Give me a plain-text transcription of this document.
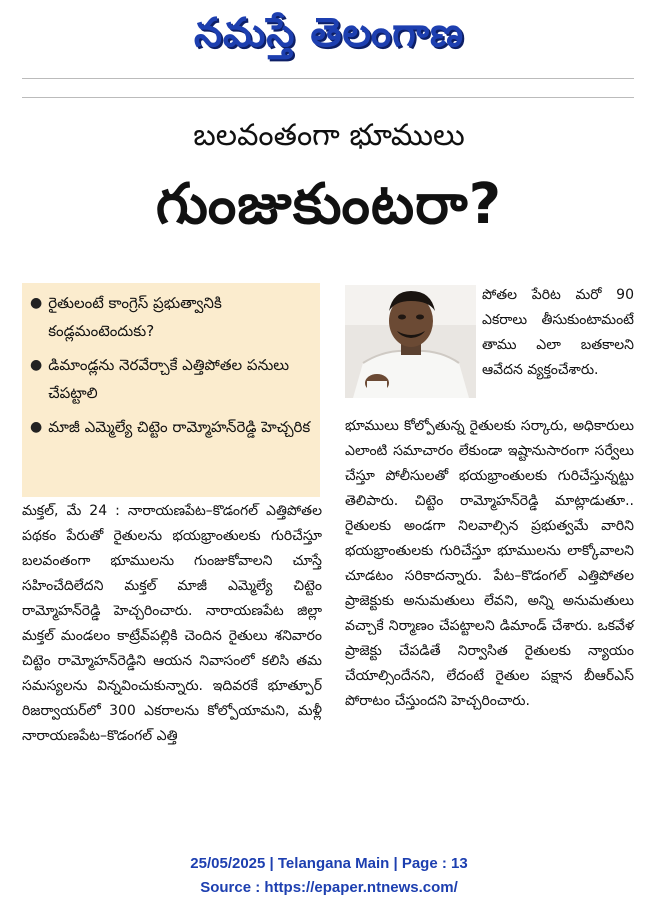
నమస్తే తెలంగాణ
బలవంతంగా భూములు
గుంజుకుంటరా?
● రైతులంటే కాంగ్రెస్ ప్రభుత్వానికి కండ్లమంటెందుకు?
● డిమాండ్లను నెరవేర్చాకే ఎత్తిపోతల పనులు చేపట్టాలి
● మాజీ ఎమ్మెల్యే చిట్టెం రామ్మోహన్‌రెడ్డి హెచ్చరిక

మక్తల్, మే 24 : నారాయణపేట–కొడంగల్ ఎత్తిపోతల పథకం పేరుతో రైతులను భయభ్రాంతులకు గురిచేస్తూ బలవంతంగా భూములను గుంజుకోవాలని చూస్తే సహించేదిలేదని మక్తల్ మాజీ ఎమ్మెల్యే చిట్టెం రామ్మోహన్‌రెడ్డి హెచ్చరించారు. నారాయణపేట జిల్లా మక్తల్ మండలం కాట్రేవ్‌పల్లికి చెందిన రైతులు శనివారం చిట్టెం రామ్మోహన్‌రెడ్డిని ఆయన నివాసంలో కలిసి తమ సమస్యలను విన్నవించుకున్నారు. ఇదివరకే భూత్పూర్ రిజర్వాయర్‌లో 300 ఎకరాలను కోల్పోయామని, మళ్లీ నారాయణపేట–కొడంగల్ ఎత్తి

పోతల పేరిట మరో 90 ఎకరాలు తీసుకుంటామంటే తాము ఎలా బతకాలని ఆవేదన వ్యక్తంచేశారు.

భూములు కోల్పోతున్న రైతులకు సర్కారు, అధికారులు ఎలాంటి సమాచారం లేకుండా ఇష్టానుసారంగా సర్వేలు చేస్తూ పోలీసులతో భయభ్రాంతులకు గురిచేస్తున్నట్టు తెలిపారు. చిట్టెం రామ్మోహన్‌రెడ్డి మాట్లాడుతూ.. రైతులకు అండగా నిలవాల్సిన ప్రభుత్వమే వారిని భయభ్రాంతులకు గురిచేస్తూ భూములను లాక్కోవాలని చూడటం సరికాదన్నారు. పేట–కొడంగల్ ఎత్తిపోతల ప్రాజెక్టుకు అనుమతులు లేవని, అన్ని అనుమతులు వచ్చాకే నిర్మాణం చేపట్టాలని డిమాండ్ చేశారు. ఒకవేళ ప్రాజెక్టు చేపడితే నిర్వాసిత రైతులకు న్యాయం చేయాల్సిందేనని, లేదంటే రైతుల పక్షాన బీఆర్ఎస్ పోరాటం చేస్తుందని హెచ్చరించారు.

25/05/2025 | Telangana Main | Page : 13
Source : https://epaper.ntnews.com/
